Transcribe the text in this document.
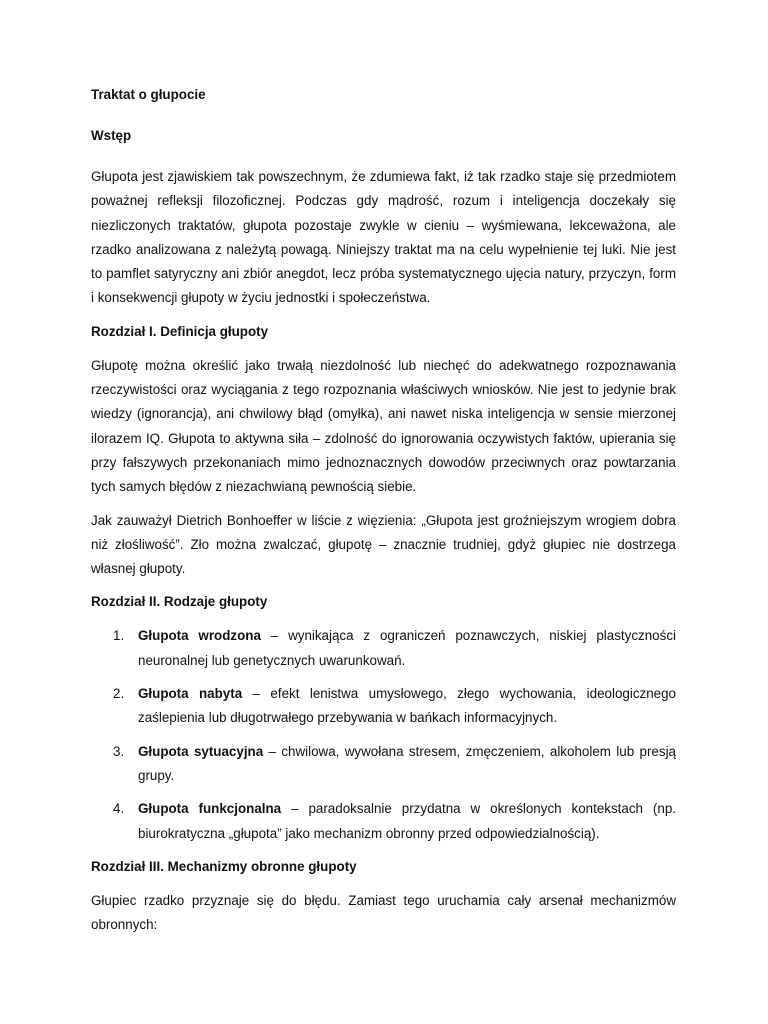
Traktat o głupocie
Wstęp
Głupota jest zjawiskiem tak powszechnym, że zdumiewa fakt, iż tak rzadko staje się przedmiotem poważnej refleksji filozoficznej. Podczas gdy mądrość, rozum i inteligencja doczekały się niezliczonych traktatów, głupota pozostaje zwykle w cieniu – wyśmiewana, lekceważona, ale rzadko analizowana z należytą powagą. Niniejszy traktat ma na celu wypełnienie tej luki. Nie jest to pamflet satyryczny ani zbiór anegdot, lecz próba systematycznego ujęcia natury, przyczyn, form i konsekwencji głupoty w życiu jednostki i społeczeństwa.
Rozdział I. Definicja głupoty
Głupotę można określić jako trwałą niezdolność lub niechęć do adekwatnego rozpoznawania rzeczywistości oraz wyciągania z tego rozpoznania właściwych wniosków. Nie jest to jedynie brak wiedzy (ignorancja), ani chwilowy błąd (omyłka), ani nawet niska inteligencja w sensie mierzonej ilorazem IQ. Głupota to aktywna siła – zdolność do ignorowania oczywistych faktów, upierania się przy fałszywych przekonaniach mimo jednoznacznych dowodów przeciwnych oraz powtarzania tych samych błędów z niezachwianą pewnością siebie.
Jak zauważył Dietrich Bonhoeffer w liście z więzienia: „Głupota jest groźniejszym wrogiem dobra niż złośliwość”. Zło można zwalczać, głupotę – znacznie trudniej, gdyż głupiec nie dostrzega własnej głupoty.
Rozdział II. Rodzaje głupoty
1. Głupota wrodzona – wynikająca z ograniczeń poznawczych, niskiej plastyczności neuronalnej lub genetycznych uwarunkowań.
2. Głupota nabyta – efekt lenistwa umysłowego, złego wychowania, ideologicznego zaślepienia lub długotrwałego przebywania w bańkach informacyjnych.
3. Głupota sytuacyjna – chwilowa, wywołana stresem, zmęczeniem, alkoholem lub presją grupy.
4. Głupota funkcjonalna – paradoksalnie przydatna w określonych kontekstach (np. biurokratyczna „głupota” jako mechanizm obronny przed odpowiedzialnością).
Rozdział III. Mechanizmy obronne głupoty
Głupiec rzadko przyznaje się do błędu. Zamiast tego uruchamia cały arsenał mechanizmów obronnych:
